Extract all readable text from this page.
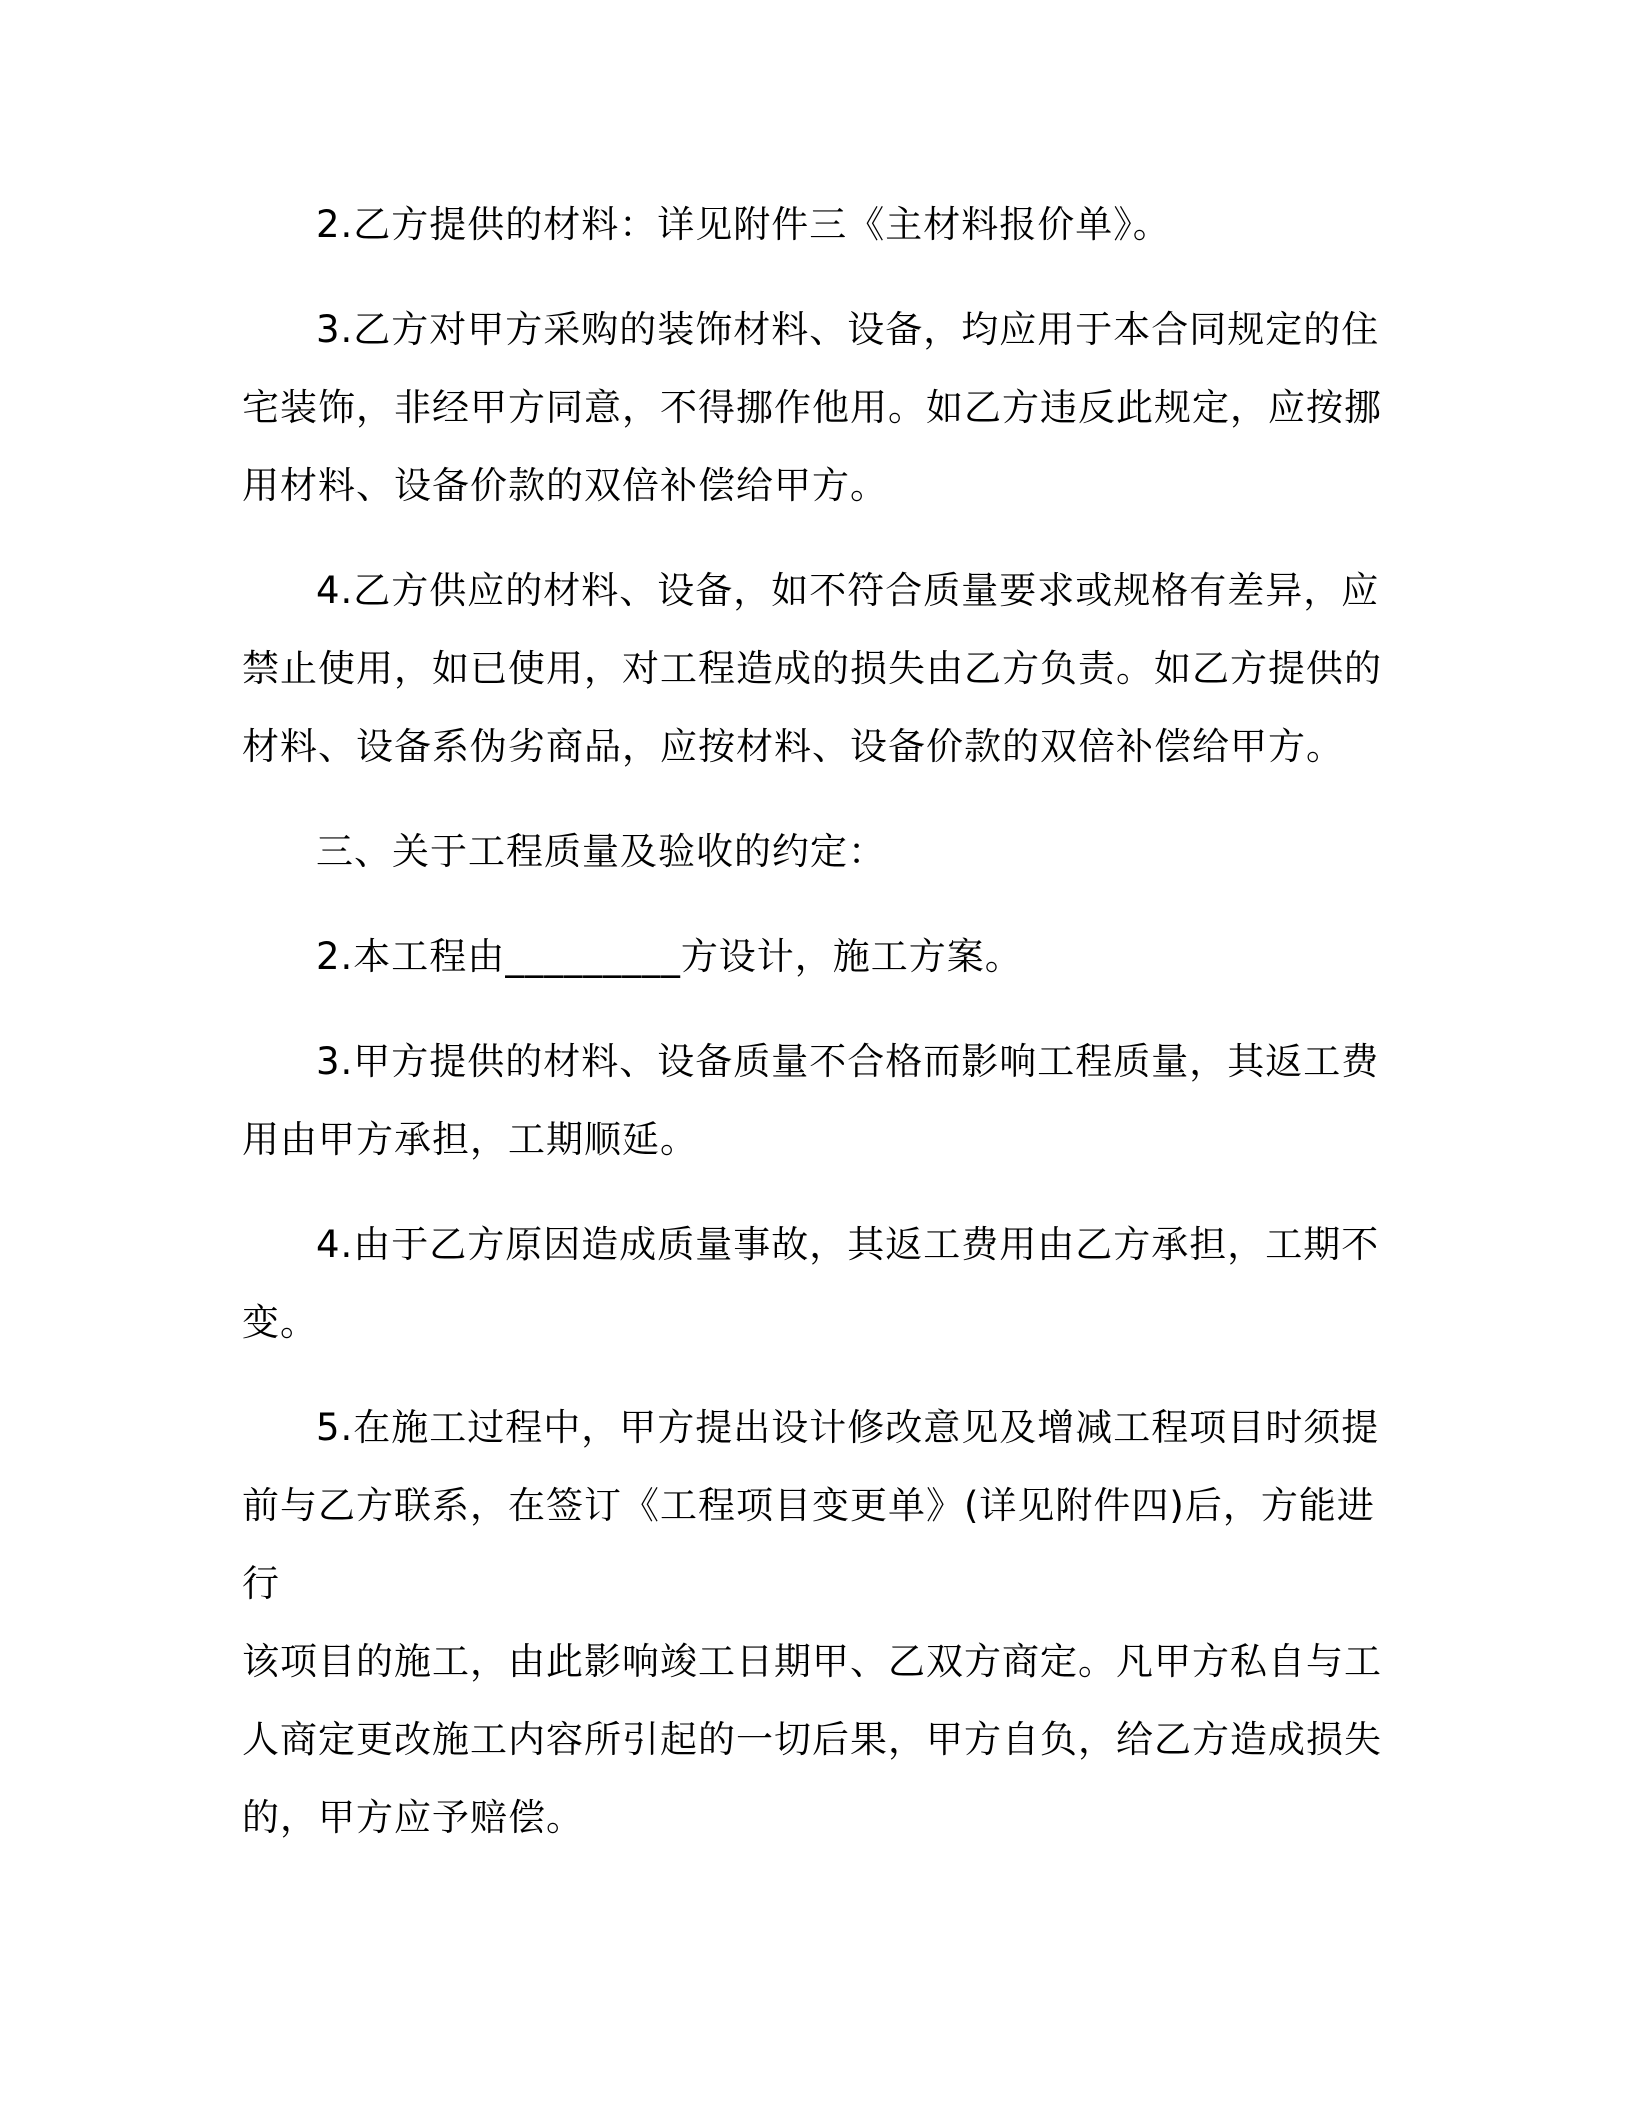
2.乙方提供的材料：详见附件三《主材料报价单》。

3.乙方对甲方采购的装饰材料、设备，均应用于本合同规定的住
宅装饰，非经甲方同意，不得挪作他用。如乙方违反此规定，应按挪
用材料、设备价款的双倍补偿给甲方。

4.乙方供应的材料、设备，如不符合质量要求或规格有差异，应
禁止使用，如已使用，对工程造成的损失由乙方负责。如乙方提供的
材料、设备系伪劣商品，应按材料、设备价款的双倍补偿给甲方。

三、关于工程质量及验收的约定：

2.本工程由_________方设计，施工方案。

3.甲方提供的材料、设备质量不合格而影响工程质量，其返工费
用由甲方承担，工期顺延。

4.由于乙方原因造成质量事故，其返工费用由乙方承担，工期不
变。

5.在施工过程中，甲方提出设计修改意见及增减工程项目时须提
前与乙方联系，在签订《工程项目变更单》(详见附件四)后，方能进行
该项目的施工，由此影响竣工日期甲、乙双方商定。凡甲方私自与工
人商定更改施工内容所引起的一切后果，甲方自负，给乙方造成损失
的，甲方应予赔偿。
